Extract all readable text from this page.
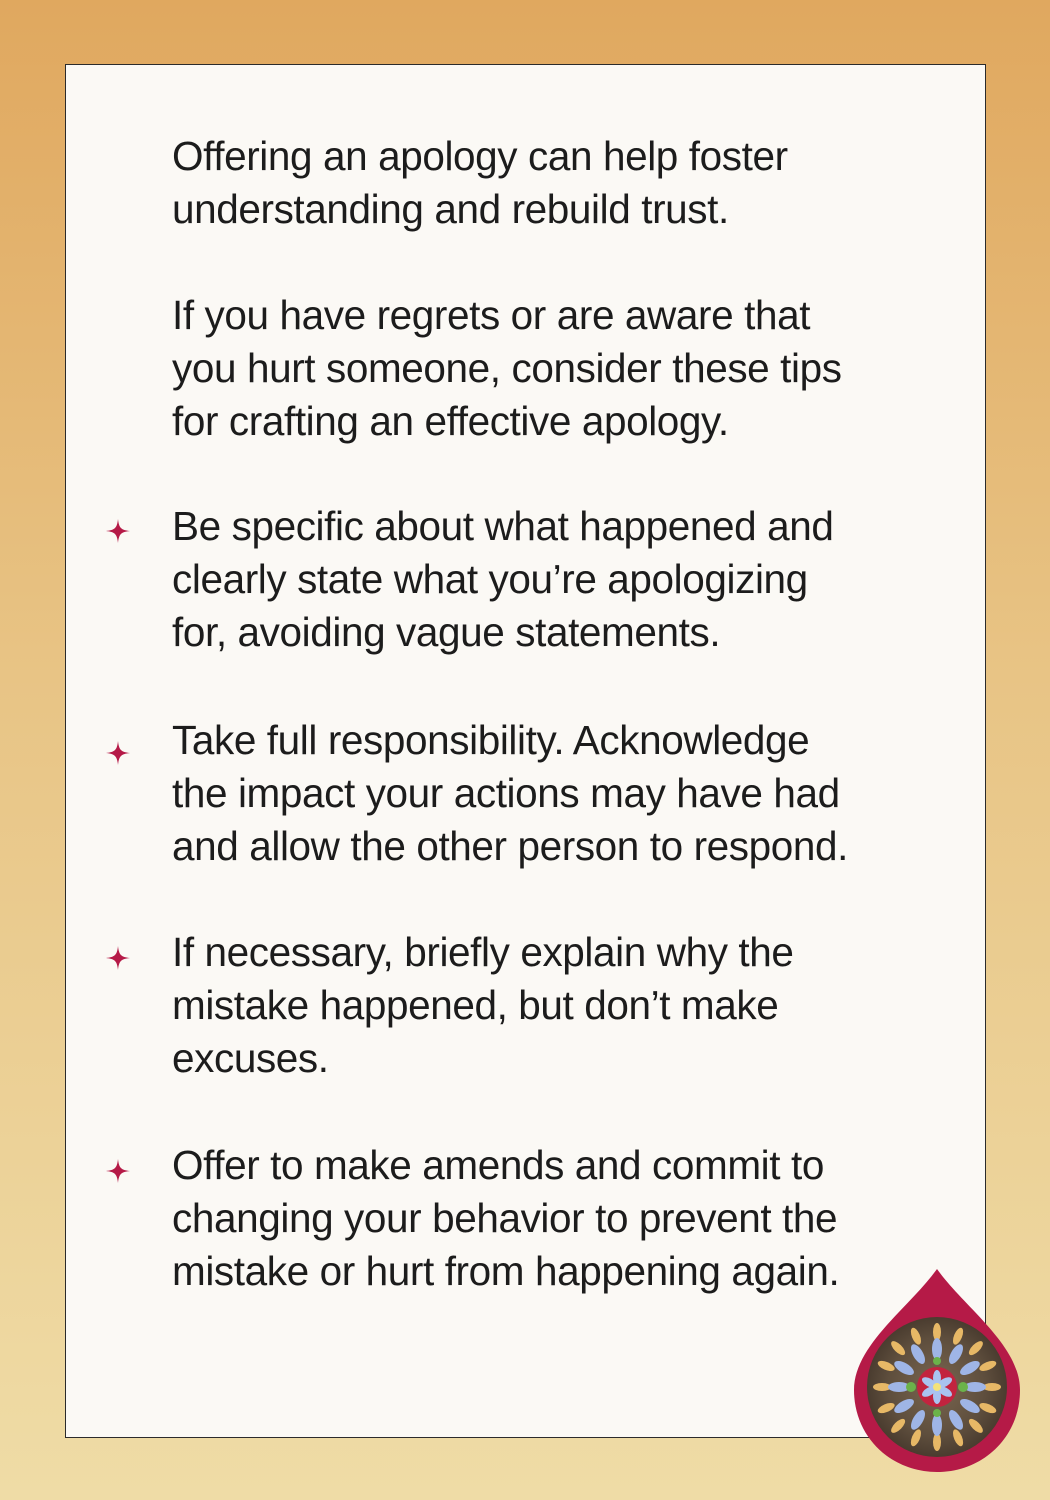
Offering an apology can help foster
understanding and rebuild trust.
If you have regrets or are aware that
you hurt someone, consider these tips
for crafting an effective apology.
Be specific about what happened and
clearly state what you’re apologizing
for, avoiding vague statements.
Take full responsibility. Acknowledge
the impact your actions may have had
and allow the other person to respond.
If necessary, briefly explain why the
mistake happened, but don’t make
excuses.
Offer to make amends and commit to
changing your behavior to prevent the
mistake or hurt from happening again.
